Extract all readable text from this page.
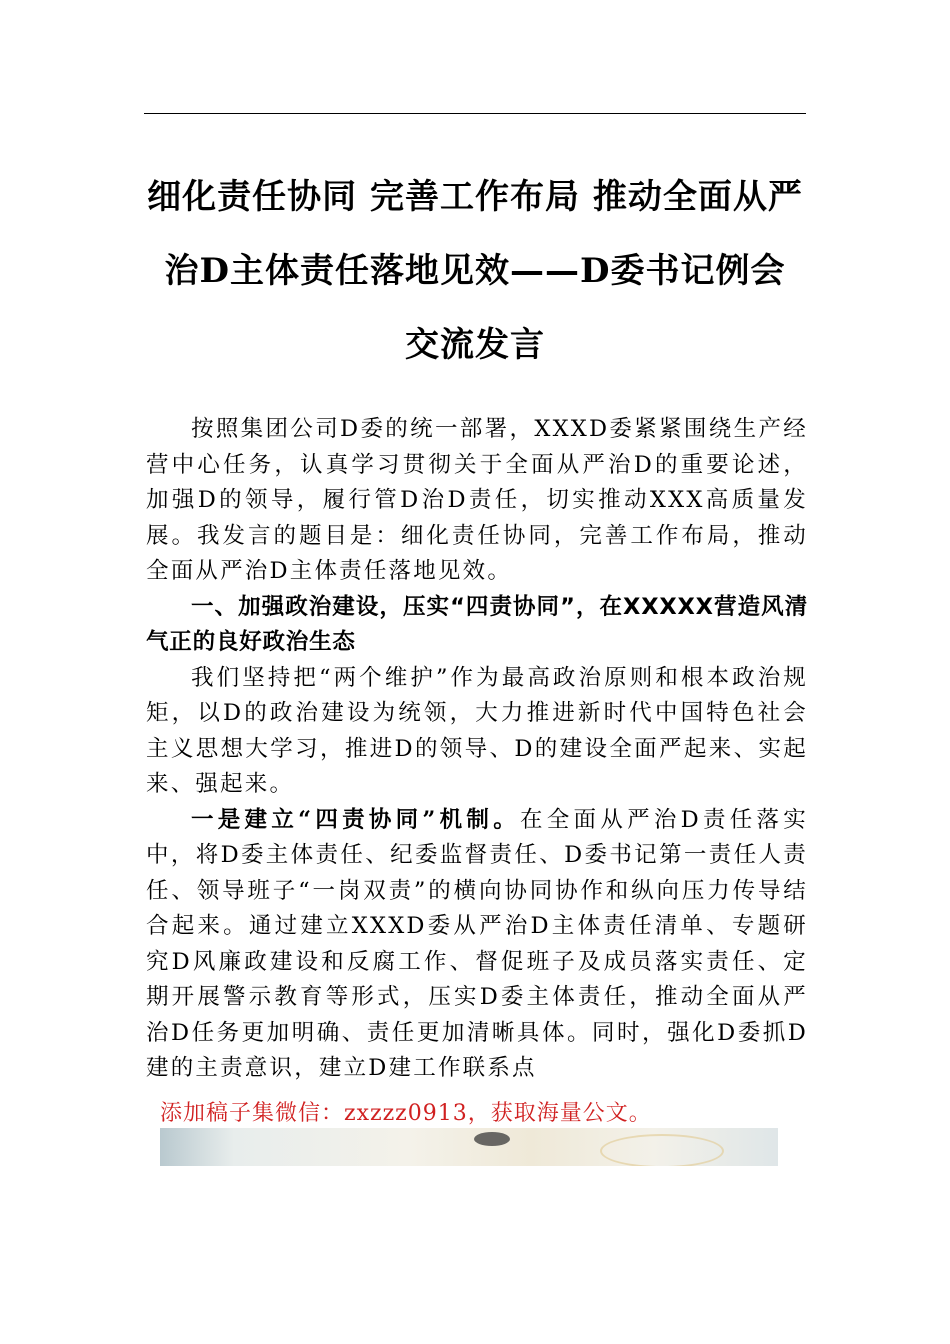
细化责任协同 完善工作布局 推动全面从严
治D主体责任落地见效——D委书记例会
交流发言

按照集团公司D委的统一部署，XXXD委紧紧围绕生产经营中心任务，认真学习贯彻关于全面从严治D的重要论述，加强D的领导，履行管D治D责任，切实推动XXX高质量发展。我发言的题目是：细化责任协同，完善工作布局，推动全面从严治D主体责任落地见效。

一、加强政治建设，压实“四责协同”，在XXXXX营造风清气正的良好政治生态

我们坚持把“两个维护”作为最高政治原则和根本政治规矩，以D的政治建设为统领，大力推进新时代中国特色社会主义思想大学习，推进D的领导、D的建设全面严起来、实起来、强起来。

一是建立“四责协同”机制。在全面从严治D责任落实中，将D委主体责任、纪委监督责任、D委书记第一责任人责任、领导班子“一岗双责”的横向协同协作和纵向压力传导结合起来。通过建立XXXD委从严治D主体责任清单、专题研究D风廉政建设和反腐工作、督促班子及成员落实责任、定期开展警示教育等形式，压实D委主体责任，推动全面从严治D任务更加明确、责任更加清晰具体。同时，强化D委抓D建的主责意识，建立D建工作联系点

添加稿子集微信：zxzzz0913，获取海量公文。
